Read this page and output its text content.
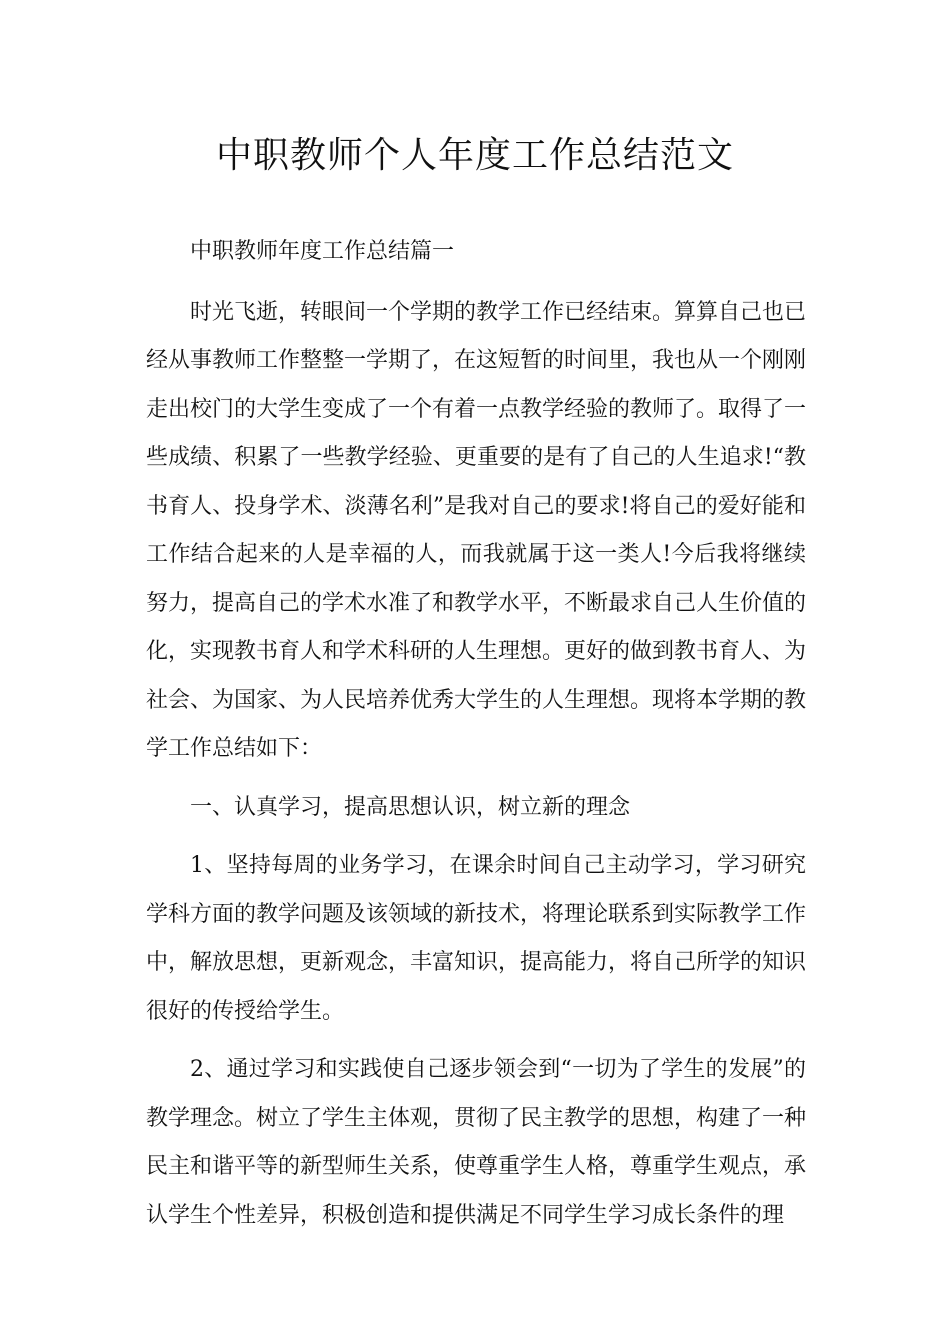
中职教师个人年度工作总结范文

中职教师年度工作总结篇一

时光飞逝，转眼间一个学期的教学工作已经结束。算算自己也已经从事教师工作整整一学期了，在这短暂的时间里，我也从一个刚刚走出校门的大学生变成了一个有着一点教学经验的教师了。取得了一些成绩、积累了一些教学经验、更重要的是有了自己的人生追求!“教书育人、投身学术、淡薄名利”是我对自己的要求!将自己的爱好能和工作结合起来的人是幸福的人，而我就属于这一类人!今后我将继续努力，提高自己的学术水准了和教学水平，不断最求自己人生价值的化，实现教书育人和学术科研的人生理想。更好的做到教书育人、为社会、为国家、为人民培养优秀大学生的人生理想。现将本学期的教学工作总结如下：

一、认真学习，提高思想认识，树立新的理念

1、坚持每周的业务学习，在课余时间自己主动学习，学习研究学科方面的教学问题及该领域的新技术，将理论联系到实际教学工作中，解放思想，更新观念，丰富知识，提高能力，将自己所学的知识很好的传授给学生。

2、通过学习和实践使自己逐步领会到“一切为了学生的发展”的教学理念。树立了学生主体观，贯彻了民主教学的思想，构建了一种民主和谐平等的新型师生关系，使尊重学生人格，尊重学生观点，承认学生个性差异，积极创造和提供满足不同学生学习成长条件的理
